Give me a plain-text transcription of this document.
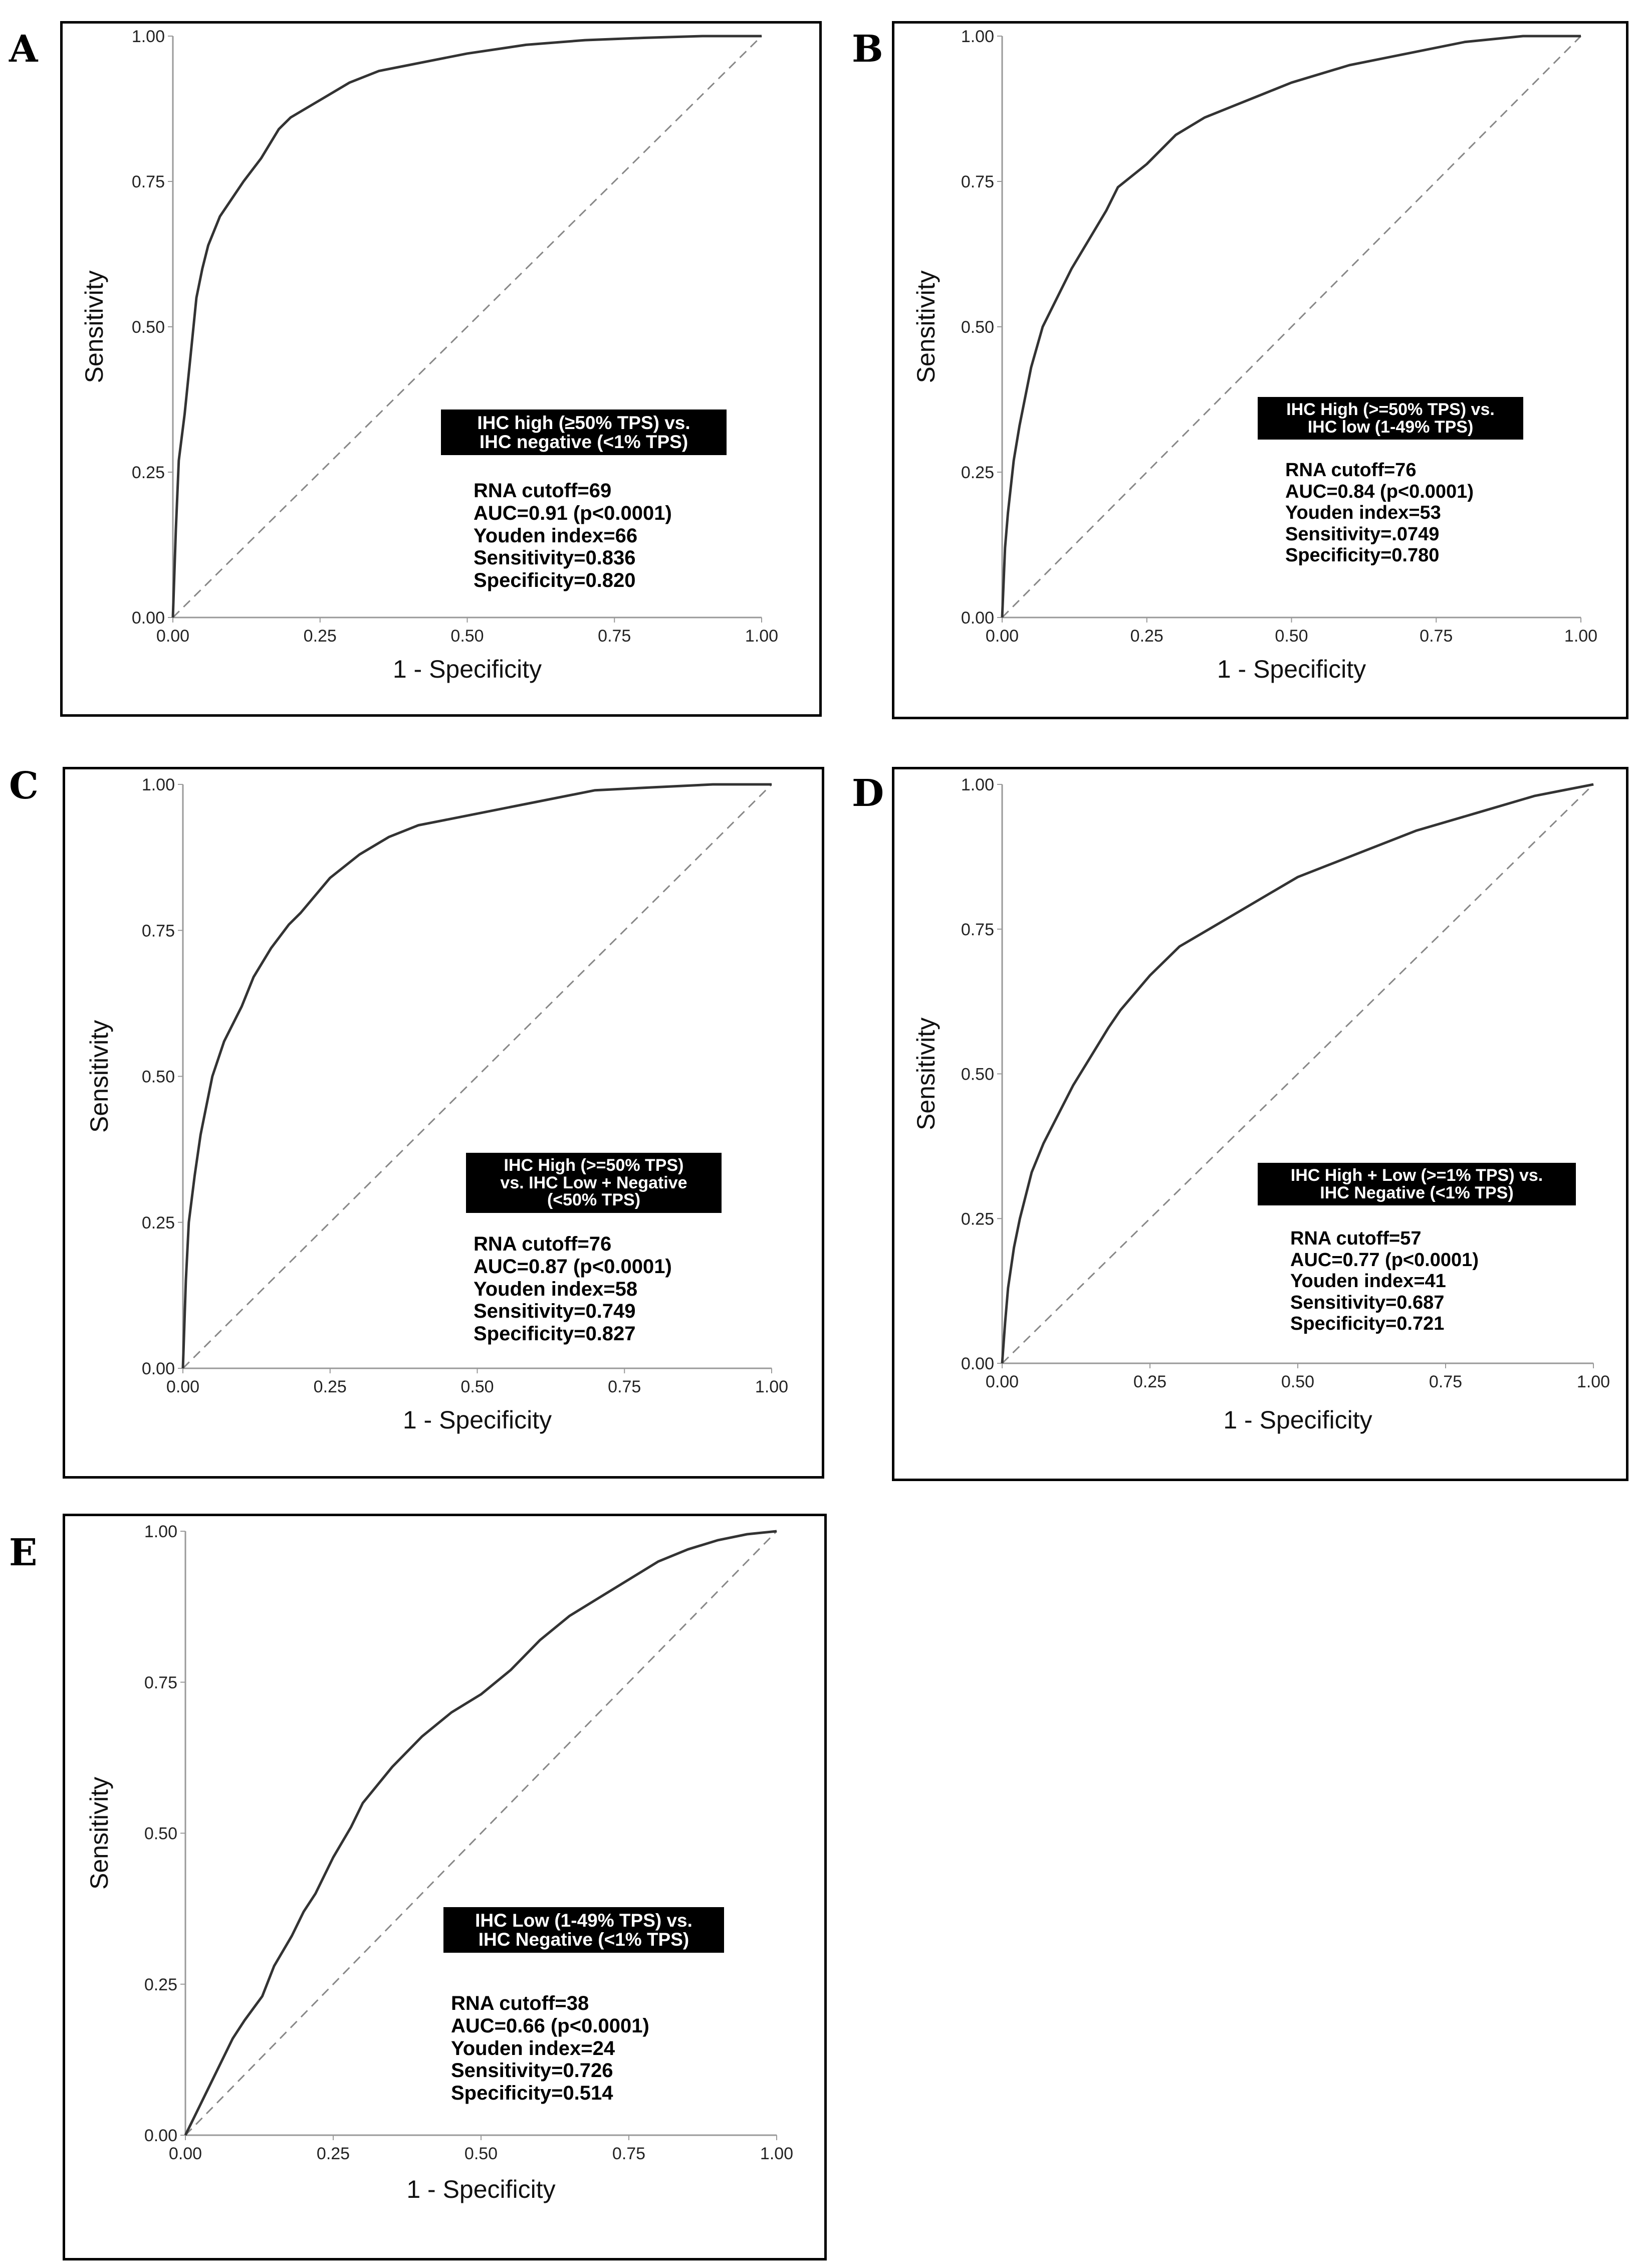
A	B
C	D
E
0.00
0.00
0.25
0.25
0.50
0.50
0.75
0.75
1.00
1.00
1 - Specificity
Sensitivity
IHC high (≥50% TPS) vs.
IHC negative (<1% TPS)
RNA cutoff=69
AUC=0.91 (p<0.0001)
Youden index=66
Sensitivity=0.836
Specificity=0.820
0.00
0.00
0.25
0.25
0.50
0.50
0.75
0.75
1.00
1.00
1 - Specificity
Sensitivity
IHC High (>=50% TPS) vs.
IHC low (1-49% TPS)
RNA cutoff=76
AUC=0.84 (p<0.0001)
Youden index=53
Sensitivity=.0749
Specificity=0.780
0.00
0.00
0.25
0.25
0.50
0.50
0.75
0.75
1.00
1.00
1 - Specificity
Sensitivity
IHC High (>=50% TPS)
vs. IHC Low + Negative
(<50% TPS)
RNA cutoff=76
AUC=0.87 (p<0.0001)
Youden index=58
Sensitivity=0.749
Specificity=0.827
0.00
0.00
0.25
0.25
0.50
0.50
0.75
0.75
1.00
1.00
1 - Specificity
Sensitivity
IHC High + Low (>=1% TPS) vs.
IHC Negative (<1% TPS)
RNA cutoff=57
AUC=0.77 (p<0.0001)
Youden index=41
Sensitivity=0.687
Specificity=0.721
0.00
0.00
0.25
0.25
0.50
0.50
0.75
0.75
1.00
1.00
1 - Specificity
Sensitivity
IHC Low (1-49% TPS) vs.
IHC Negative (<1% TPS)
RNA cutoff=38
AUC=0.66 (p<0.0001)
Youden index=24
Sensitivity=0.726
Specificity=0.514
